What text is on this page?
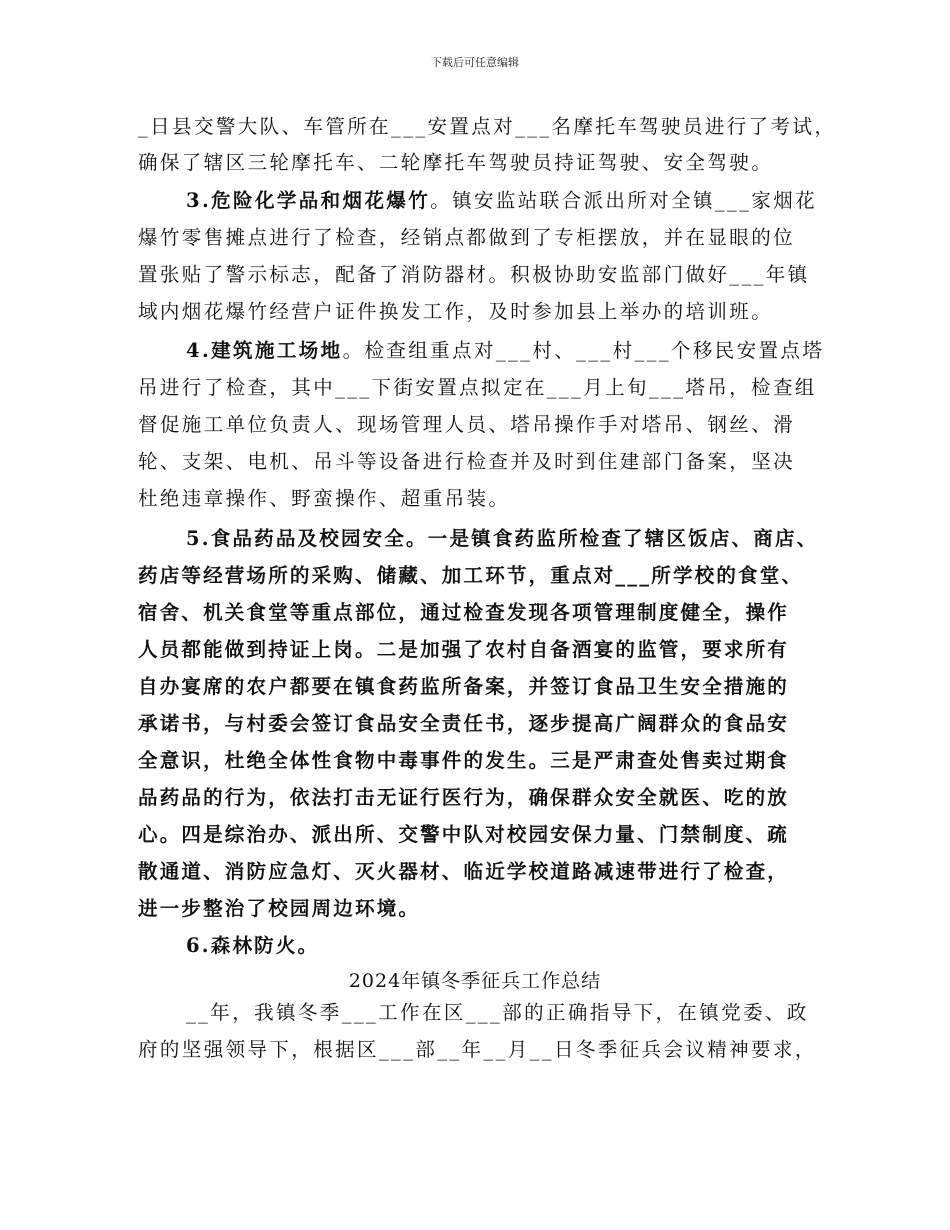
下载后可任意编辑
_日县交警大队、车管所在___安置点对___名摩托车驾驶员进行了考试，
确保了辖区三轮摩托车、二轮摩托车驾驶员持证驾驶、安全驾驶。
3.危险化学品和烟花爆竹。镇安监站联合派出所对全镇___家烟花
爆竹零售摊点进行了检查，经销点都做到了专柜摆放，并在显眼的位
置张贴了警示标志，配备了消防器材。积极协助安监部门做好___年镇
域内烟花爆竹经营户证件换发工作，及时参加县上举办的培训班。
4.建筑施工场地。检查组重点对___村、___村___个移民安置点塔
吊进行了检查，其中___下街安置点拟定在___月上旬___塔吊，检查组
督促施工单位负责人、现场管理人员、塔吊操作手对塔吊、钢丝、滑
轮、支架、电机、吊斗等设备进行检查并及时到住建部门备案，坚决
杜绝违章操作、野蛮操作、超重吊装。
5.食品药品及校园安全。一是镇食药监所检查了辖区饭店、商店、
药店等经营场所的采购、储藏、加工环节，重点对___所学校的食堂、
宿舍、机关食堂等重点部位，通过检查发现各项管理制度健全，操作
人员都能做到持证上岗。二是加强了农村自备酒宴的监管，要求所有
自办宴席的农户都要在镇食药监所备案，并签订食品卫生安全措施的
承诺书，与村委会签订食品安全责任书，逐步提高广阔群众的食品安
全意识，杜绝全体性食物中毒事件的发生。三是严肃查处售卖过期食
品药品的行为，依法打击无证行医行为，确保群众安全就医、吃的放
心。四是综治办、派出所、交警中队对校园安保力量、门禁制度、疏
散通道、消防应急灯、灭火器材、临近学校道路减速带进行了检查，
进一步整治了校园周边环境。
6.森林防火。
2024年镇冬季征兵工作总结
__年，我镇冬季___工作在区___部的正确指导下，在镇党委、政
府的坚强领导下，根据区___部__年__月__日冬季征兵会议精神要求，
